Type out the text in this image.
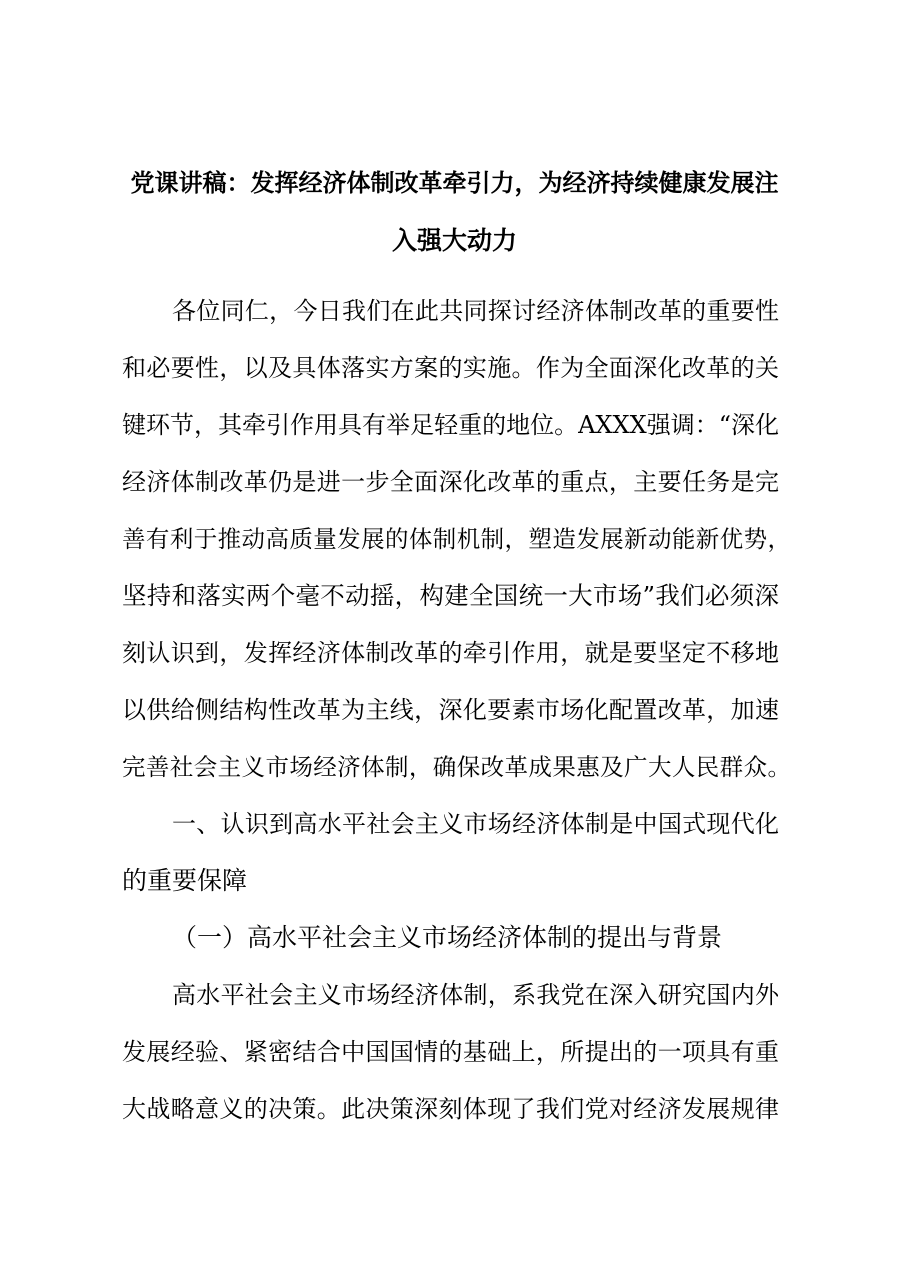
党课讲稿：发挥经济体制改革牵引力，为经济持续健康发展注
入强大动力
各位同仁，今日我们在此共同探讨经济体制改革的重要性
和必要性，以及具体落实方案的实施。作为全面深化改革的关
键环节，其牵引作用具有举足轻重的地位。AXXX强调：“深化
经济体制改革仍是进一步全面深化改革的重点，主要任务是完
善有利于推动高质量发展的体制机制，塑造发展新动能新优势，
坚持和落实两个毫不动摇，构建全国统一大市场”我们必须深
刻认识到，发挥经济体制改革的牵引作用，就是要坚定不移地
以供给侧结构性改革为主线，深化要素市场化配置改革，加速
完善社会主义市场经济体制，确保改革成果惠及广大人民群众。
一、认识到高水平社会主义市场经济体制是中国式现代化
的重要保障
（一）高水平社会主义市场经济体制的提出与背景
高水平社会主义市场经济体制，系我党在深入研究国内外
发展经验、紧密结合中国国情的基础上，所提出的一项具有重
大战略意义的决策。此决策深刻体现了我们党对经济发展规律
